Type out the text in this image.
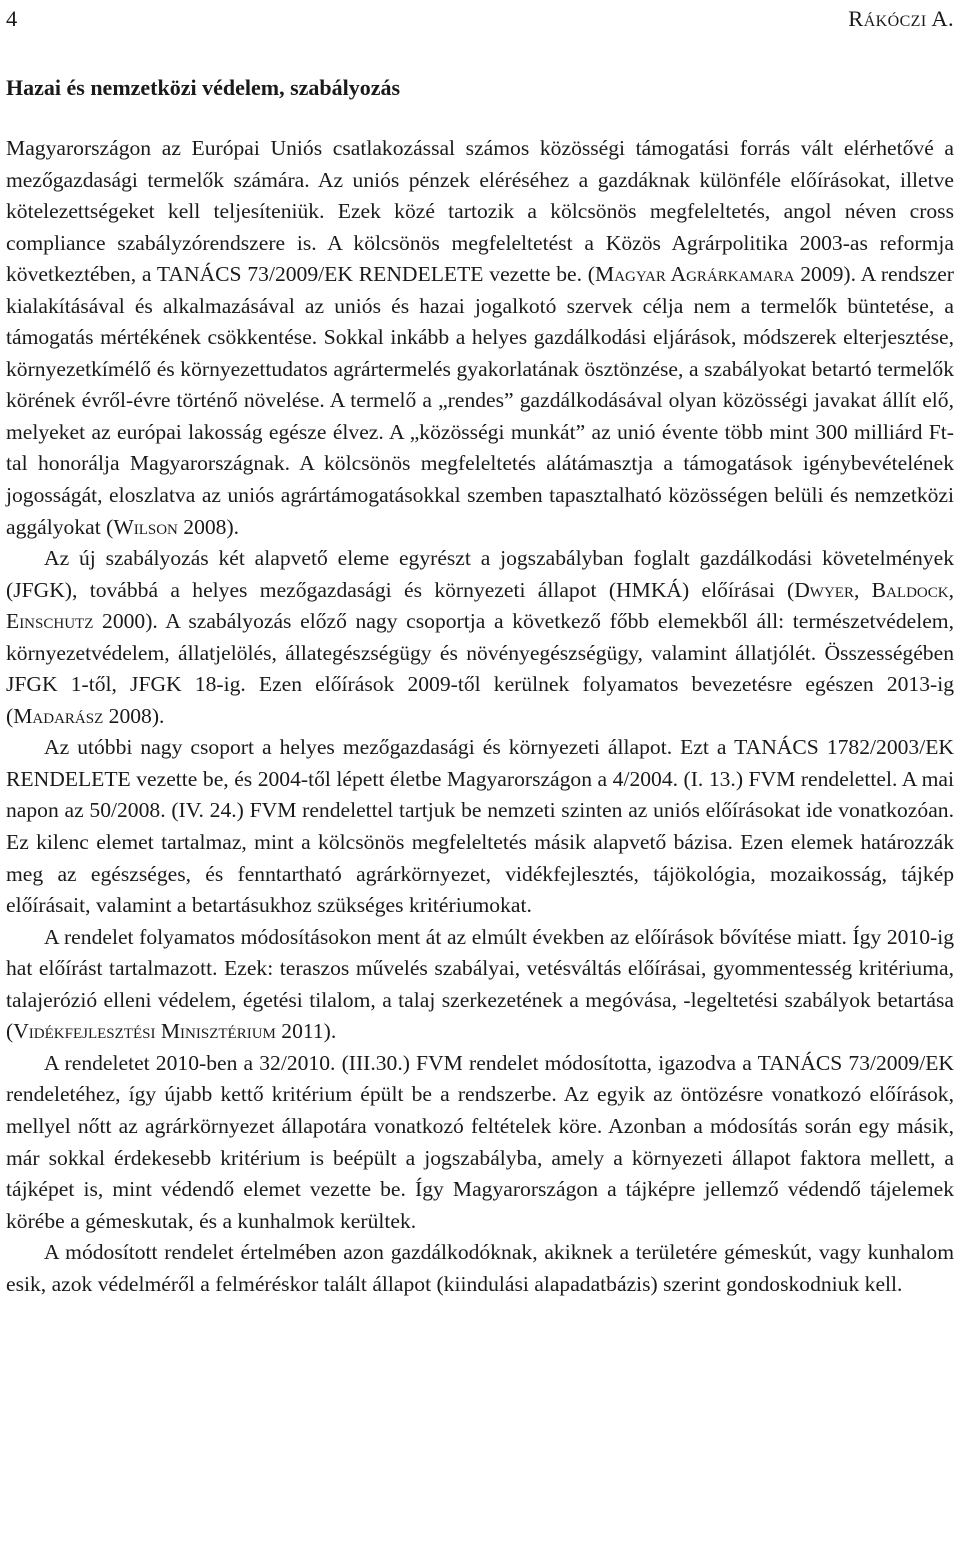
4	Rákóczi A.
Hazai és nemzetközi védelem, szabályozás

Magyarországon az Európai Uniós csatlakozással számos közösségi támogatási forrás vált elérhetővé a mezőgazdasági termelők számára. Az uniós pénzek eléréséhez a gazdáknak különféle előírásokat, illetve kötelezettségeket kell teljesíteniük. Ezek közé tartozik a kölcsönös megfeleltetés, angol néven cross compliance szabályzórendszere is. A kölcsönös megfeleltetést a Közös Agrárpolitika 2003-as reformja következtében, a TANÁCS 73/2009/EK RENDELETE vezette be. (Magyar Agrárkamara 2009). A rendszer kialakításával és alkalmazásával az uniós és hazai jogalkotó szervek célja nem a termelők büntetése, a támogatás mértékének csökkentése. Sokkal inkább a helyes gazdálkodási eljárások, módszerek elterjesztése, környezetkímélő és környezettudatos agrártermelés gyakorlatának ösztönzése, a szabályokat betartó termelők körének évről-évre történő növelése. A termelő a „rendes” gazdálkodásával olyan közösségi javakat állít elő, melyeket az európai lakosság egésze élvez. A „közösségi munkát” az unió évente több mint 300 milliárd Ft-tal honorálja Magyarországnak. A kölcsönös megfeleltetés alátámasztja a támogatások igénybevételének jogosságát, eloszlatva az uniós agrártámogatásokkal szemben tapasztalható közösségen belüli és nemzetközi aggályokat (Wilson 2008).

Az új szabályozás két alapvető eleme egyrészt a jogszabályban foglalt gazdálkodási követelmények (JFGK), továbbá a helyes mezőgazdasági és környezeti állapot (HMKÁ) előírásai (Dwyer, Baldock, Einschutz 2000). A szabályozás előző nagy csoportja a következő főbb elemekből áll: természetvédelem, környezetvédelem, állatjelölés, állategészségügy és növényegészségügy, valamint állatjólét. Összességében JFGK 1-től, JFGK 18-ig. Ezen előírások 2009-től kerülnek folyamatos bevezetésre egészen 2013-ig (Madarász 2008).

Az utóbbi nagy csoport a helyes mezőgazdasági és környezeti állapot. Ezt a TANÁCS 1782/2003/EK RENDELETE vezette be, és 2004-től lépett életbe Magyarországon a 4/2004. (I. 13.) FVM rendelettel. A mai napon az 50/2008. (IV. 24.) FVM rendelettel tartjuk be nemzeti szinten az uniós előírásokat ide vonatkozóan. Ez kilenc elemet tartalmaz, mint a kölcsönös megfeleltetés másik alapvető bázisa. Ezen elemek határozzák meg az egészséges, és fenntartható agrárkörnyezet, vidékfejlesztés, tájökológia, mozaikosság, tájkép előírásait, valamint a betartásukhoz szükséges kritériumokat.

A rendelet folyamatos módosításokon ment át az elmúlt években az előírások bővítése miatt. Így 2010-ig hat előírást tartalmazott. Ezek: teraszos művelés szabályai, vetésváltás előírásai, gyommentesség kritériuma, talajerózió elleni védelem, égetési tilalom, a talaj szerkezetének a megóvása, -legeltetési szabályok betartása (Vidékfejlesztési Minisztérium 2011).

A rendeletet 2010-ben a 32/2010. (III.30.) FVM rendelet módosította, igazodva a TANÁCS 73/2009/EK rendeletéhez, így újabb kettő kritérium épült be a rendszerbe. Az egyik az öntözésre vonatkozó előírások, mellyel nőtt az agrárkörnyezet állapotára vonatkozó feltételek köre. Azonban a módosítás során egy másik, már sokkal érdekesebb kritérium is beépült a jogszabályba, amely a környezeti állapot faktora mellett, a tájképet is, mint védendő elemet vezette be. Így Magyarországon a tájképre jellemző védendő tájelemek körébe a gémeskutak, és a kunhalmok kerültek.

A módosított rendelet értelmében azon gazdálkodóknak, akiknek a területére gémeskút, vagy kunhalom esik, azok védelméről a felméréskor talált állapot (kiindulási alapadatbázis) szerint gondoskodniuk kell.
